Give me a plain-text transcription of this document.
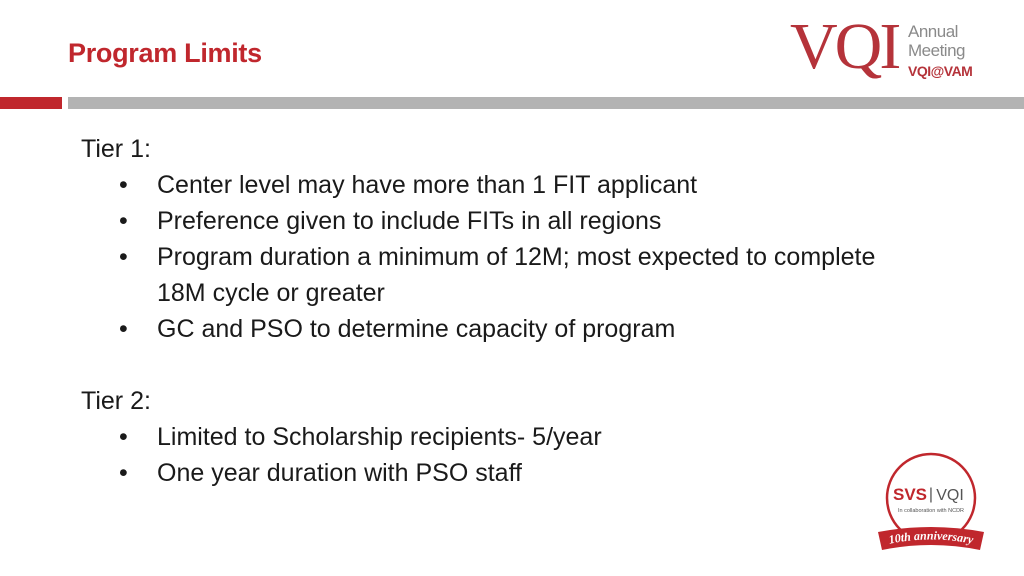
Program Limits	VQI Annual
Meeting
VQI@VAM

Tier 1:

• Center level may have more than 1 FIT applicant
• Preference given to include FITs in all regions
• Program duration a minimum of 12M; most expected to complete 18M cycle or greater
• GC and PSO to determine capacity of program

Tier 2:

• Limited to Scholarship recipients- 5/year
• One year duration with PSO staff
SVS | VQI
In collaboration with NCDR
10th anniversary
